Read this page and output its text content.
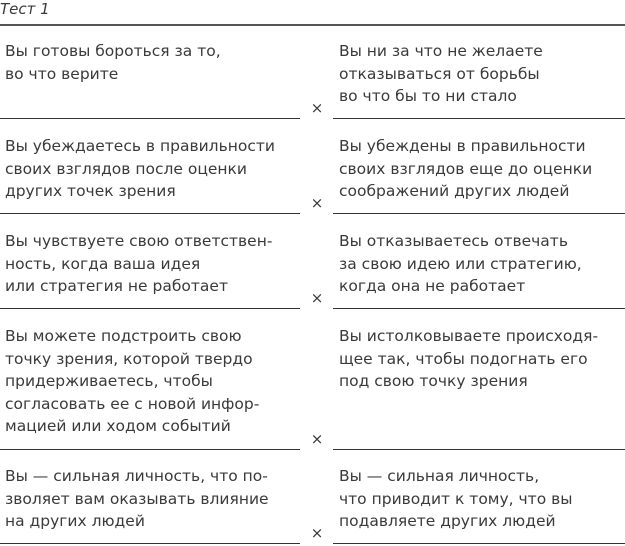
Тест 1
Вы готовы бороться за то,
во что верите
Вы ни за что не желаете
отказываться от борьбы
во что бы то ни стало
×
Вы убеждаетесь в правильности
своих взглядов после оценки
других точек зрения
Вы убеждены в правильности
своих взглядов еще до оценки
соображений других людей
×
Вы чувствуете свою ответствен-
ность, когда ваша идея
или стратегия не работает
Вы отказываетесь отвечать
за свою идею или стратегию,
когда она не работает
×
Вы можете подстроить свою
точку зрения, которой твердо
придерживаетесь, чтобы
согласовать ее с новой инфор-
мацией или ходом событий
Вы истолковываете происходя-
щее так, чтобы подогнать его
под свою точку зрения
×
Вы — сильная личность, что по-
зволяет вам оказывать влияние
на других людей
Вы — сильная личность,
что приводит к тому, что вы
подавляете других людей
×
